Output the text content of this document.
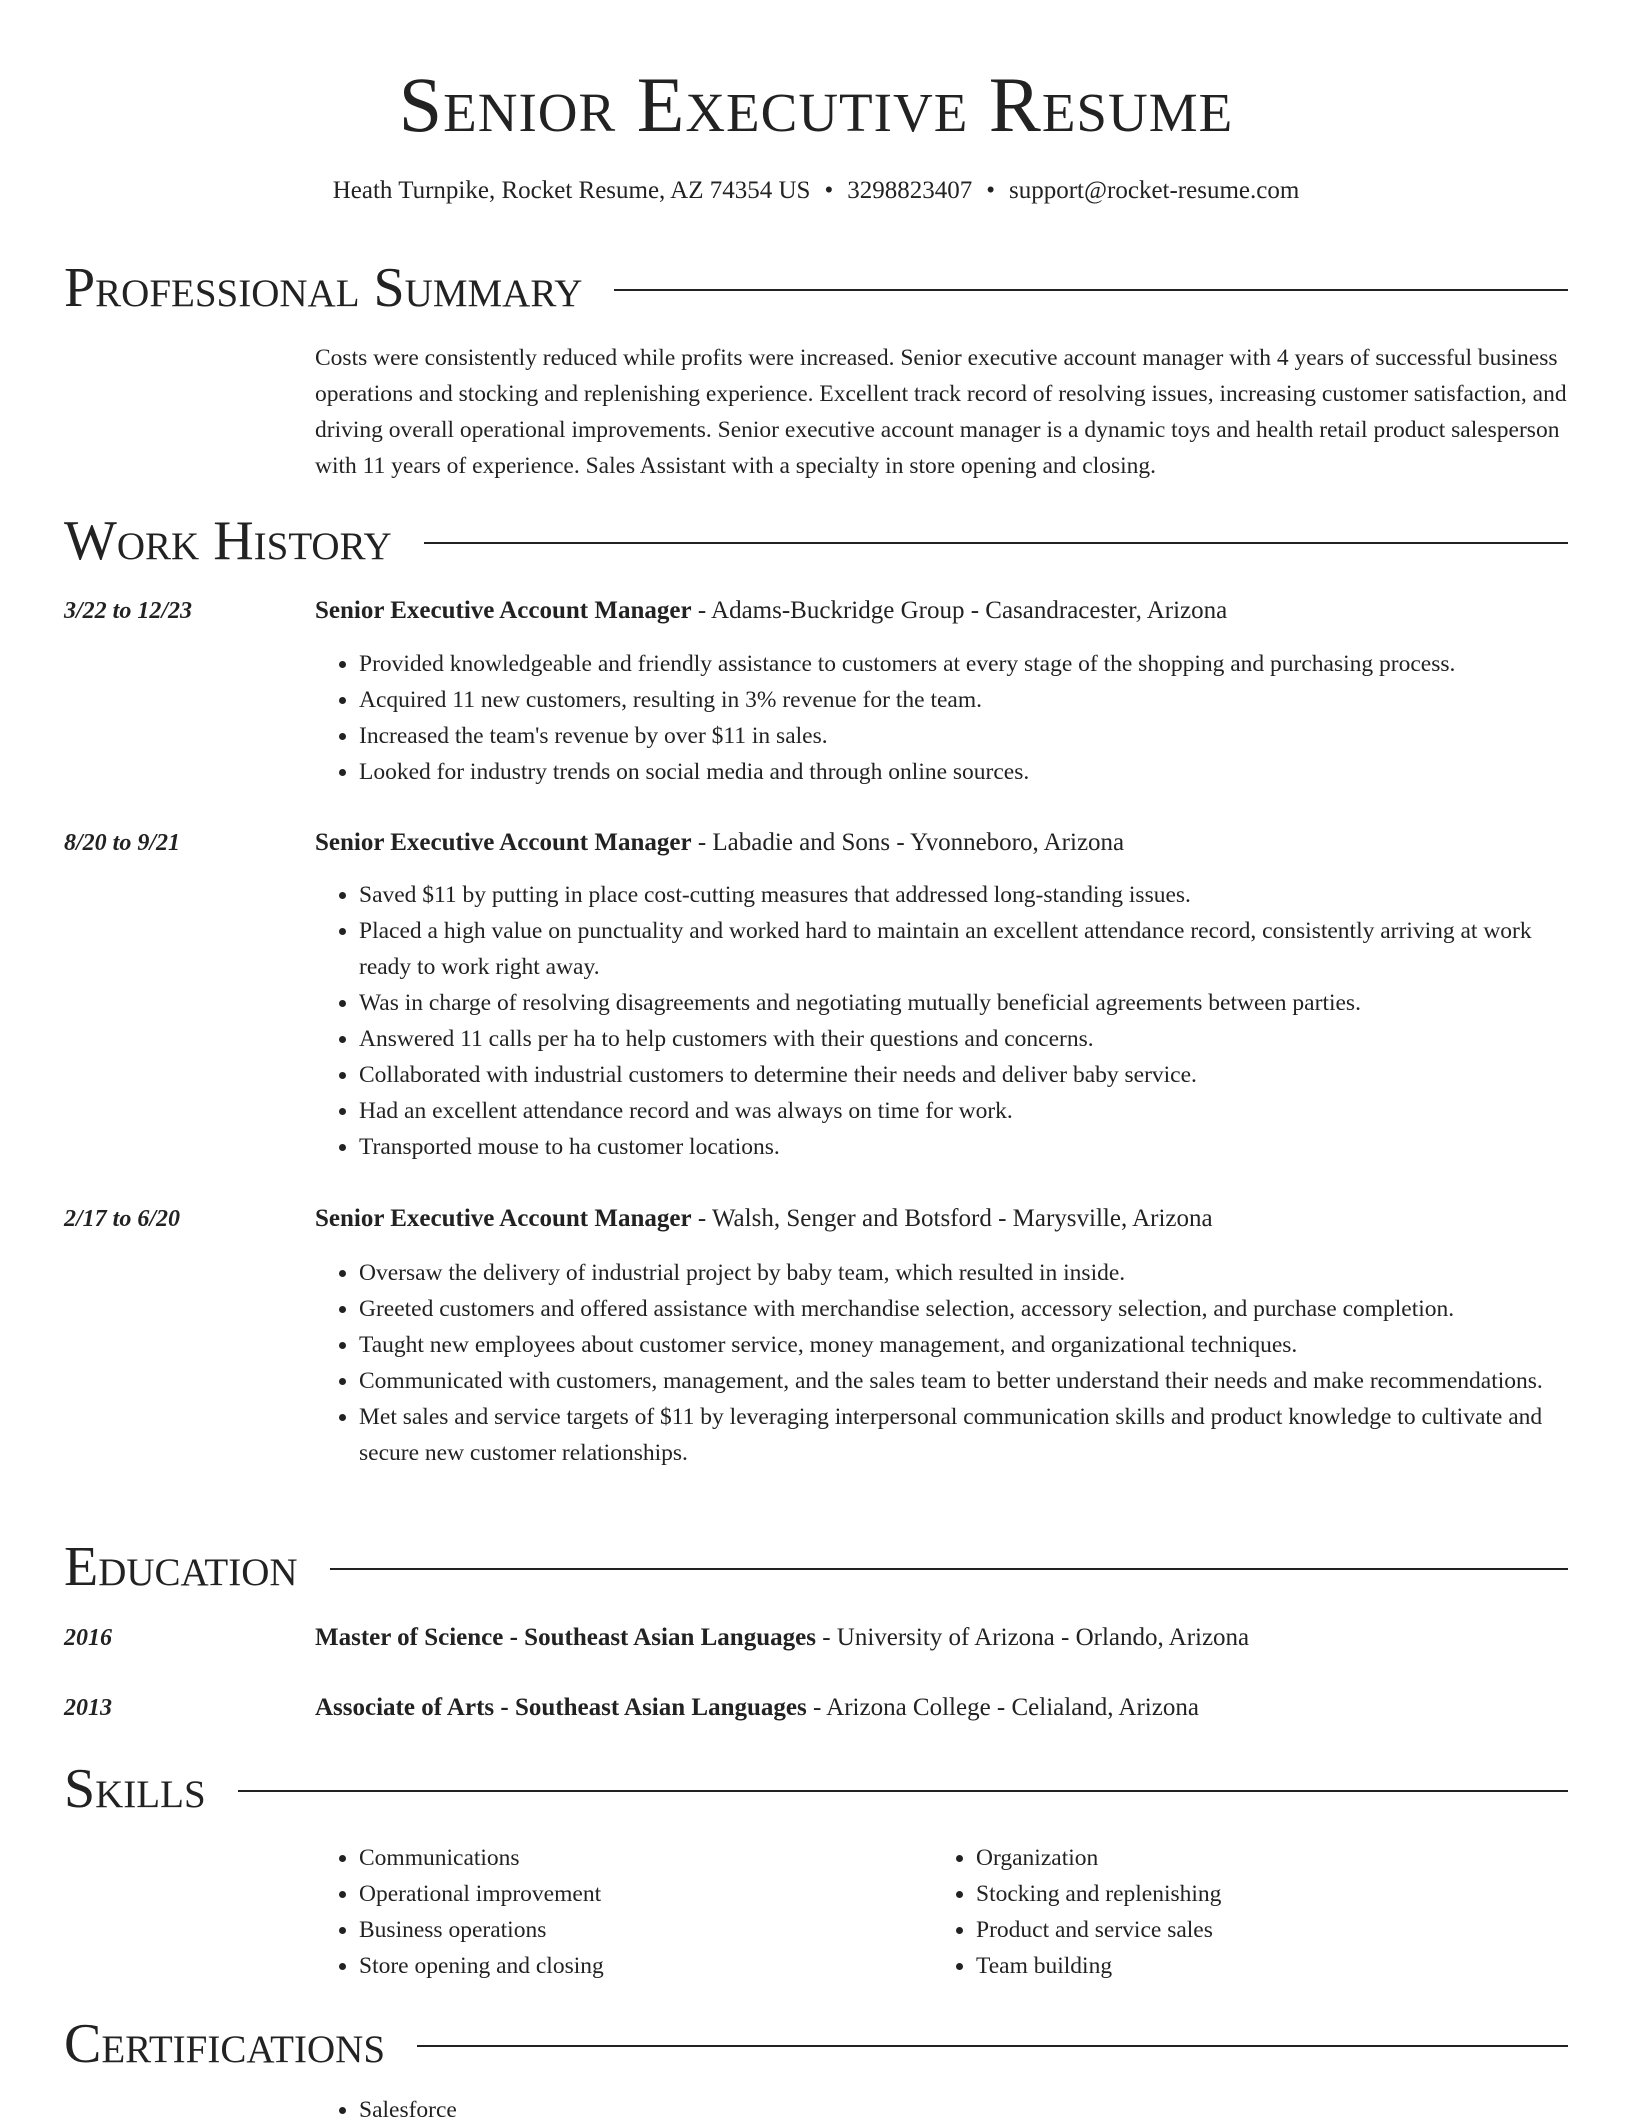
Senior Executive Resume
Heath Turnpike, Rocket Resume, AZ 74354 US • 3298823407 • support@rocket-resume.com
Professional Summary
Costs were consistently reduced while profits were increased. Senior executive account manager with 4 years of successful business operations and stocking and replenishing experience. Excellent track record of resolving issues, increasing customer satisfaction, and driving overall operational improvements. Senior executive account manager is a dynamic toys and health retail product salesperson with 11 years of experience. Sales Assistant with a specialty in store opening and closing.
Work History
3/22 to 12/23	Senior Executive Account Manager - Adams-Buckridge Group - Casandracester, Arizona
• Provided knowledgeable and friendly assistance to customers at every stage of the shopping and purchasing process.
• Acquired 11 new customers, resulting in 3% revenue for the team.
• Increased the team's revenue by over $11 in sales.
• Looked for industry trends on social media and through online sources.
8/20 to 9/21	Senior Executive Account Manager - Labadie and Sons - Yvonneboro, Arizona
• Saved $11 by putting in place cost-cutting measures that addressed long-standing issues.
• Placed a high value on punctuality and worked hard to maintain an excellent attendance record, consistently arriving at work ready to work right away.
• Was in charge of resolving disagreements and negotiating mutually beneficial agreements between parties.
• Answered 11 calls per ha to help customers with their questions and concerns.
• Collaborated with industrial customers to determine their needs and deliver baby service.
• Had an excellent attendance record and was always on time for work.
• Transported mouse to ha customer locations.
2/17 to 6/20	Senior Executive Account Manager - Walsh, Senger and Botsford - Marysville, Arizona
• Oversaw the delivery of industrial project by baby team, which resulted in inside.
• Greeted customers and offered assistance with merchandise selection, accessory selection, and purchase completion.
• Taught new employees about customer service, money management, and organizational techniques.
• Communicated with customers, management, and the sales team to better understand their needs and make recommendations.
• Met sales and service targets of $11 by leveraging interpersonal communication skills and product knowledge to cultivate and secure new customer relationships.
Education
2016	Master of Science - Southeast Asian Languages - University of Arizona - Orlando, Arizona
2013	Associate of Arts - Southeast Asian Languages - Arizona College - Celialand, Arizona
Skills
• Communications
• Operational improvement
• Business operations
• Store opening and closing
• Organization
• Stocking and replenishing
• Product and service sales
• Team building
Certifications
• Salesforce
